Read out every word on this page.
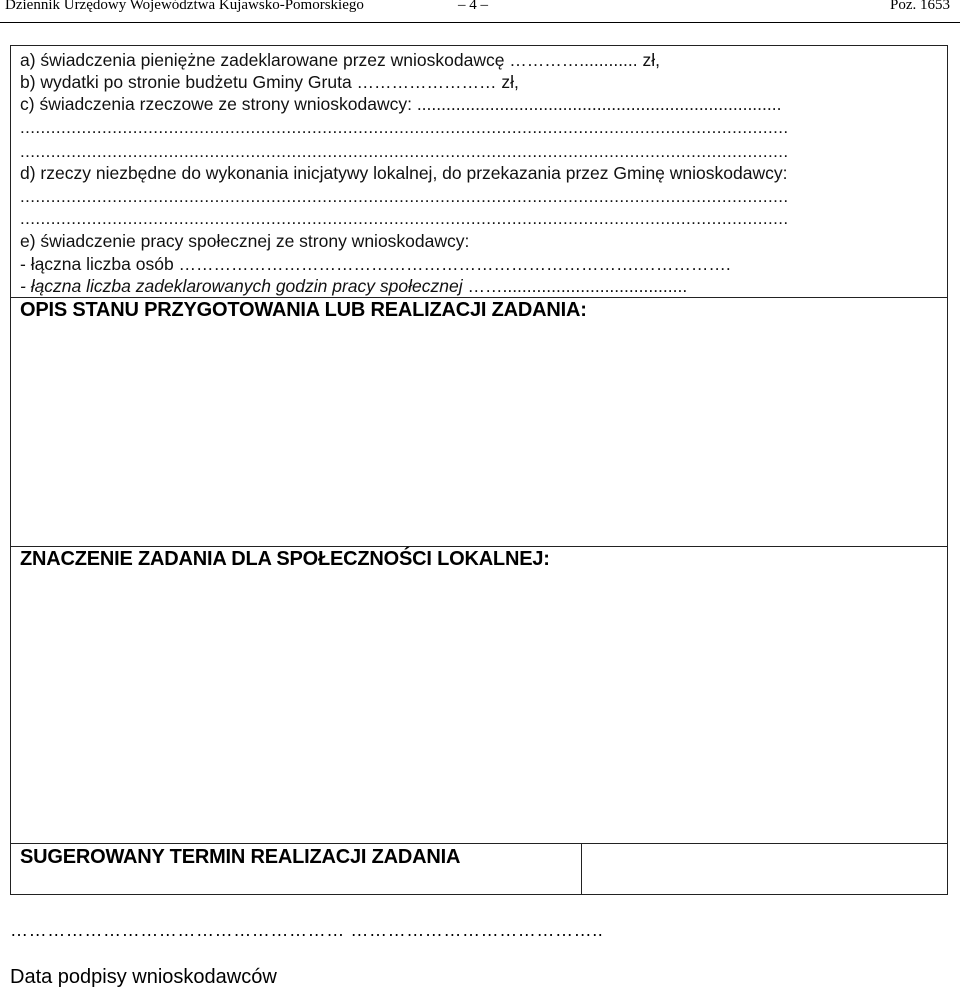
Dziennik Urzędowy Województwa Kujawsko-Pomorskiego	– 4 –	Poz. 1653
a) świadczenia pieniężne zadeklarowane przez wnioskodawcę …………............ zł,
b) wydatki po stronie budżetu Gminy Gruta …………………… zł,
c) świadczenia rzeczowe ze strony wnioskodawcy: ...........................................................................
......................................................................................................................................................
......................................................................................................................................................
d) rzeczy niezbędne do wykonania inicjatywy lokalnej, do przekazania przez Gminę wnioskodawcy:
......................................................................................................................................................
......................................................................................................................................................
e) świadczenie pracy społecznej ze strony wnioskodawcy:
- łączna liczba osób …………………………………………………………………….…………….
- łączna liczba zadeklarowanych godzin pracy społecznej ……......................................
OPIS STANU PRZYGOTOWANIA LUB REALIZACJI ZADANIA:
ZNACZENIE ZADANIA DLA SPOŁECZNOŚCI LOKALNEJ:
SUGEROWANY TERMIN REALIZACJI ZADANIA
……………………………………………… …………………………………..
Data podpisy wnioskodawców
